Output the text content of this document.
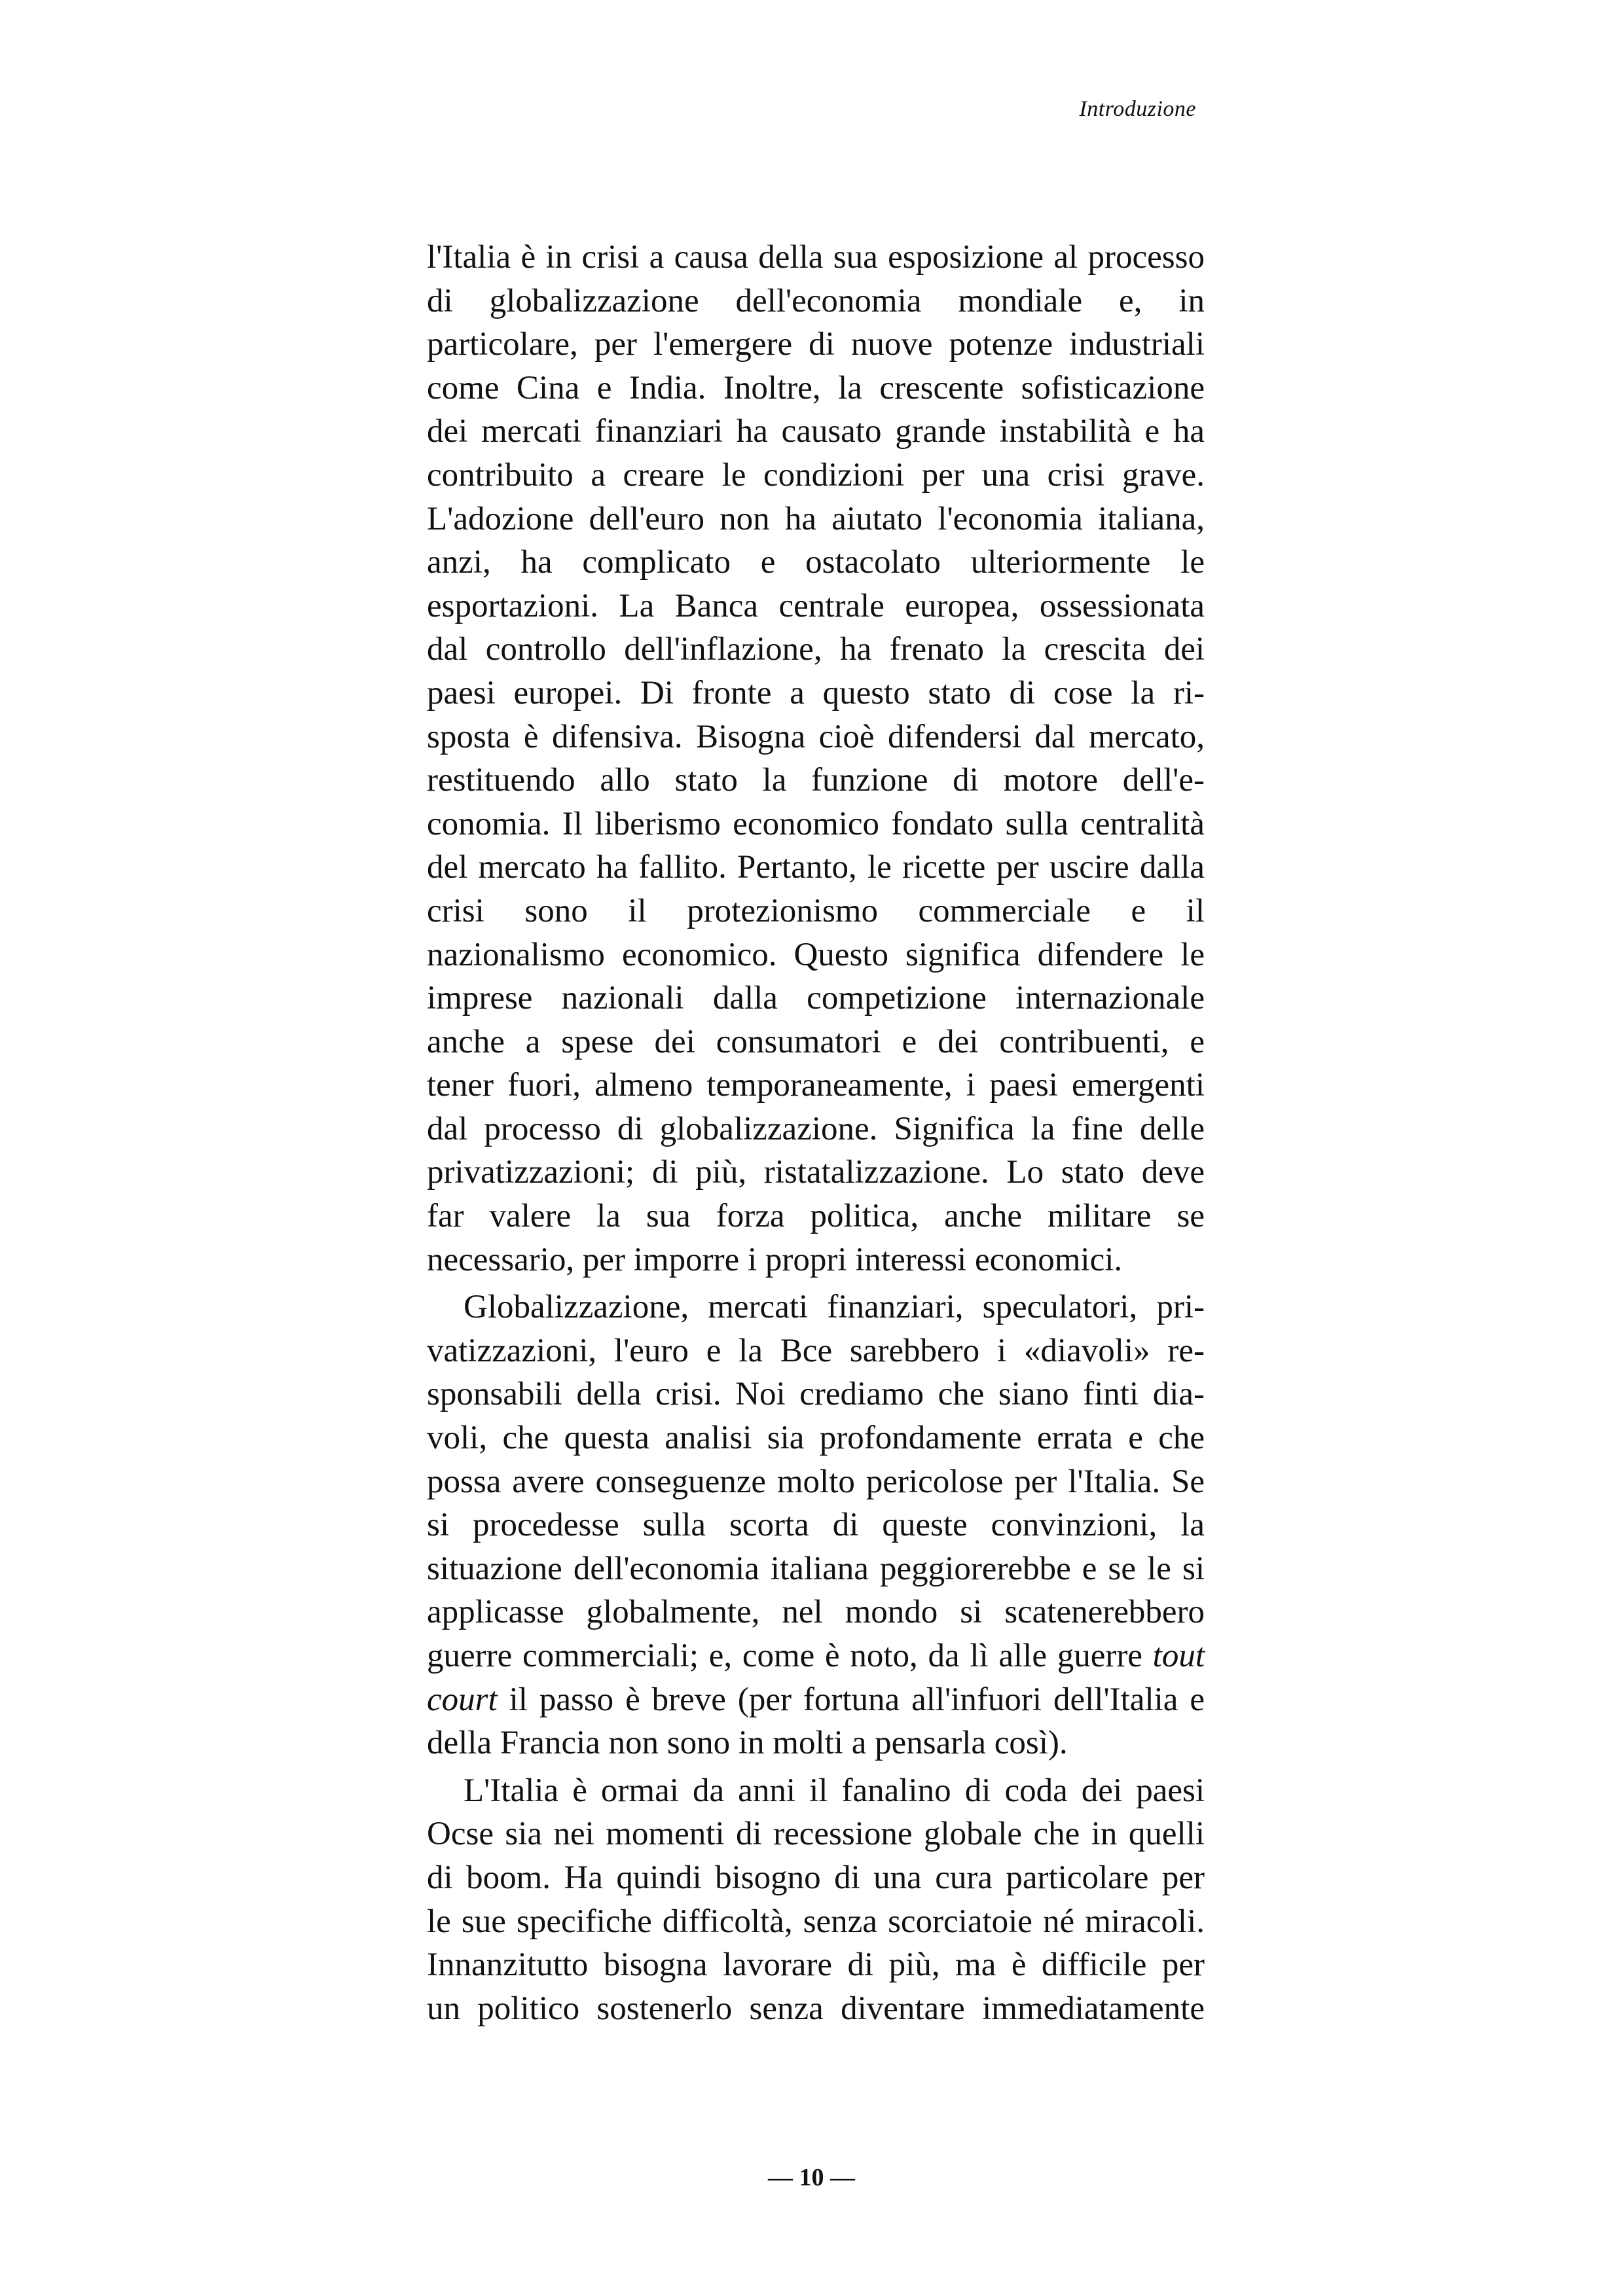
Introduzione
l'Italia è in crisi a causa della sua esposizione al processo
di globalizzazione dell'economia mondiale e, in
particolare, per l'emergere di nuove potenze industriali
come Cina e India. Inoltre, la crescente sofisticazione
dei mercati finanziari ha causato grande instabilità e ha
contribuito a creare le condizioni per una crisi grave.
L'adozione dell'euro non ha aiutato l'economia italiana,
anzi, ha complicato e ostacolato ulteriormente le
esportazioni. La Banca centrale europea, ossessionata
dal controllo dell'inflazione, ha frenato la crescita dei
paesi europei. Di fronte a questo stato di cose la ri-
sposta è difensiva. Bisogna cioè difendersi dal mercato,
restituendo allo stato la funzione di motore dell'e-
conomia. Il liberismo economico fondato sulla centralità
del mercato ha fallito. Pertanto, le ricette per uscire dalla
crisi sono il protezionismo commerciale e il
nazionalismo economico. Questo significa difendere le
imprese nazionali dalla competizione internazionale
anche a spese dei consumatori e dei contribuenti, e
tener fuori, almeno temporaneamente, i paesi emergenti
dal processo di globalizzazione. Significa la fine delle
privatizzazioni; di più, ristatalizzazione. Lo stato deve
far valere la sua forza politica, anche militare se
necessario, per imporre i propri interessi economici.
Globalizzazione, mercati finanziari, speculatori, pri-
vatizzazioni, l'euro e la Bce sarebbero i «diavoli» re-
sponsabili della crisi. Noi crediamo che siano finti dia-
voli, che questa analisi sia profondamente errata e che
possa avere conseguenze molto pericolose per l'Italia. Se
si procedesse sulla scorta di queste convinzioni, la
situazione dell'economia italiana peggiorerebbe e se le si
applicasse globalmente, nel mondo si scatenerebbero
guerre commerciali; e, come è noto, da lì alle guerre tout
court il passo è breve (per fortuna all'infuori dell'Italia e
della Francia non sono in molti a pensarla così).
L'Italia è ormai da anni il fanalino di coda dei paesi
Ocse sia nei momenti di recessione globale che in quelli
di boom. Ha quindi bisogno di una cura particolare per
le sue specifiche difficoltà, senza scorciatoie né miracoli.
Innanzitutto bisogna lavorare di più, ma è difficile per
un politico sostenerlo senza diventare immediatamente
— 10 —
